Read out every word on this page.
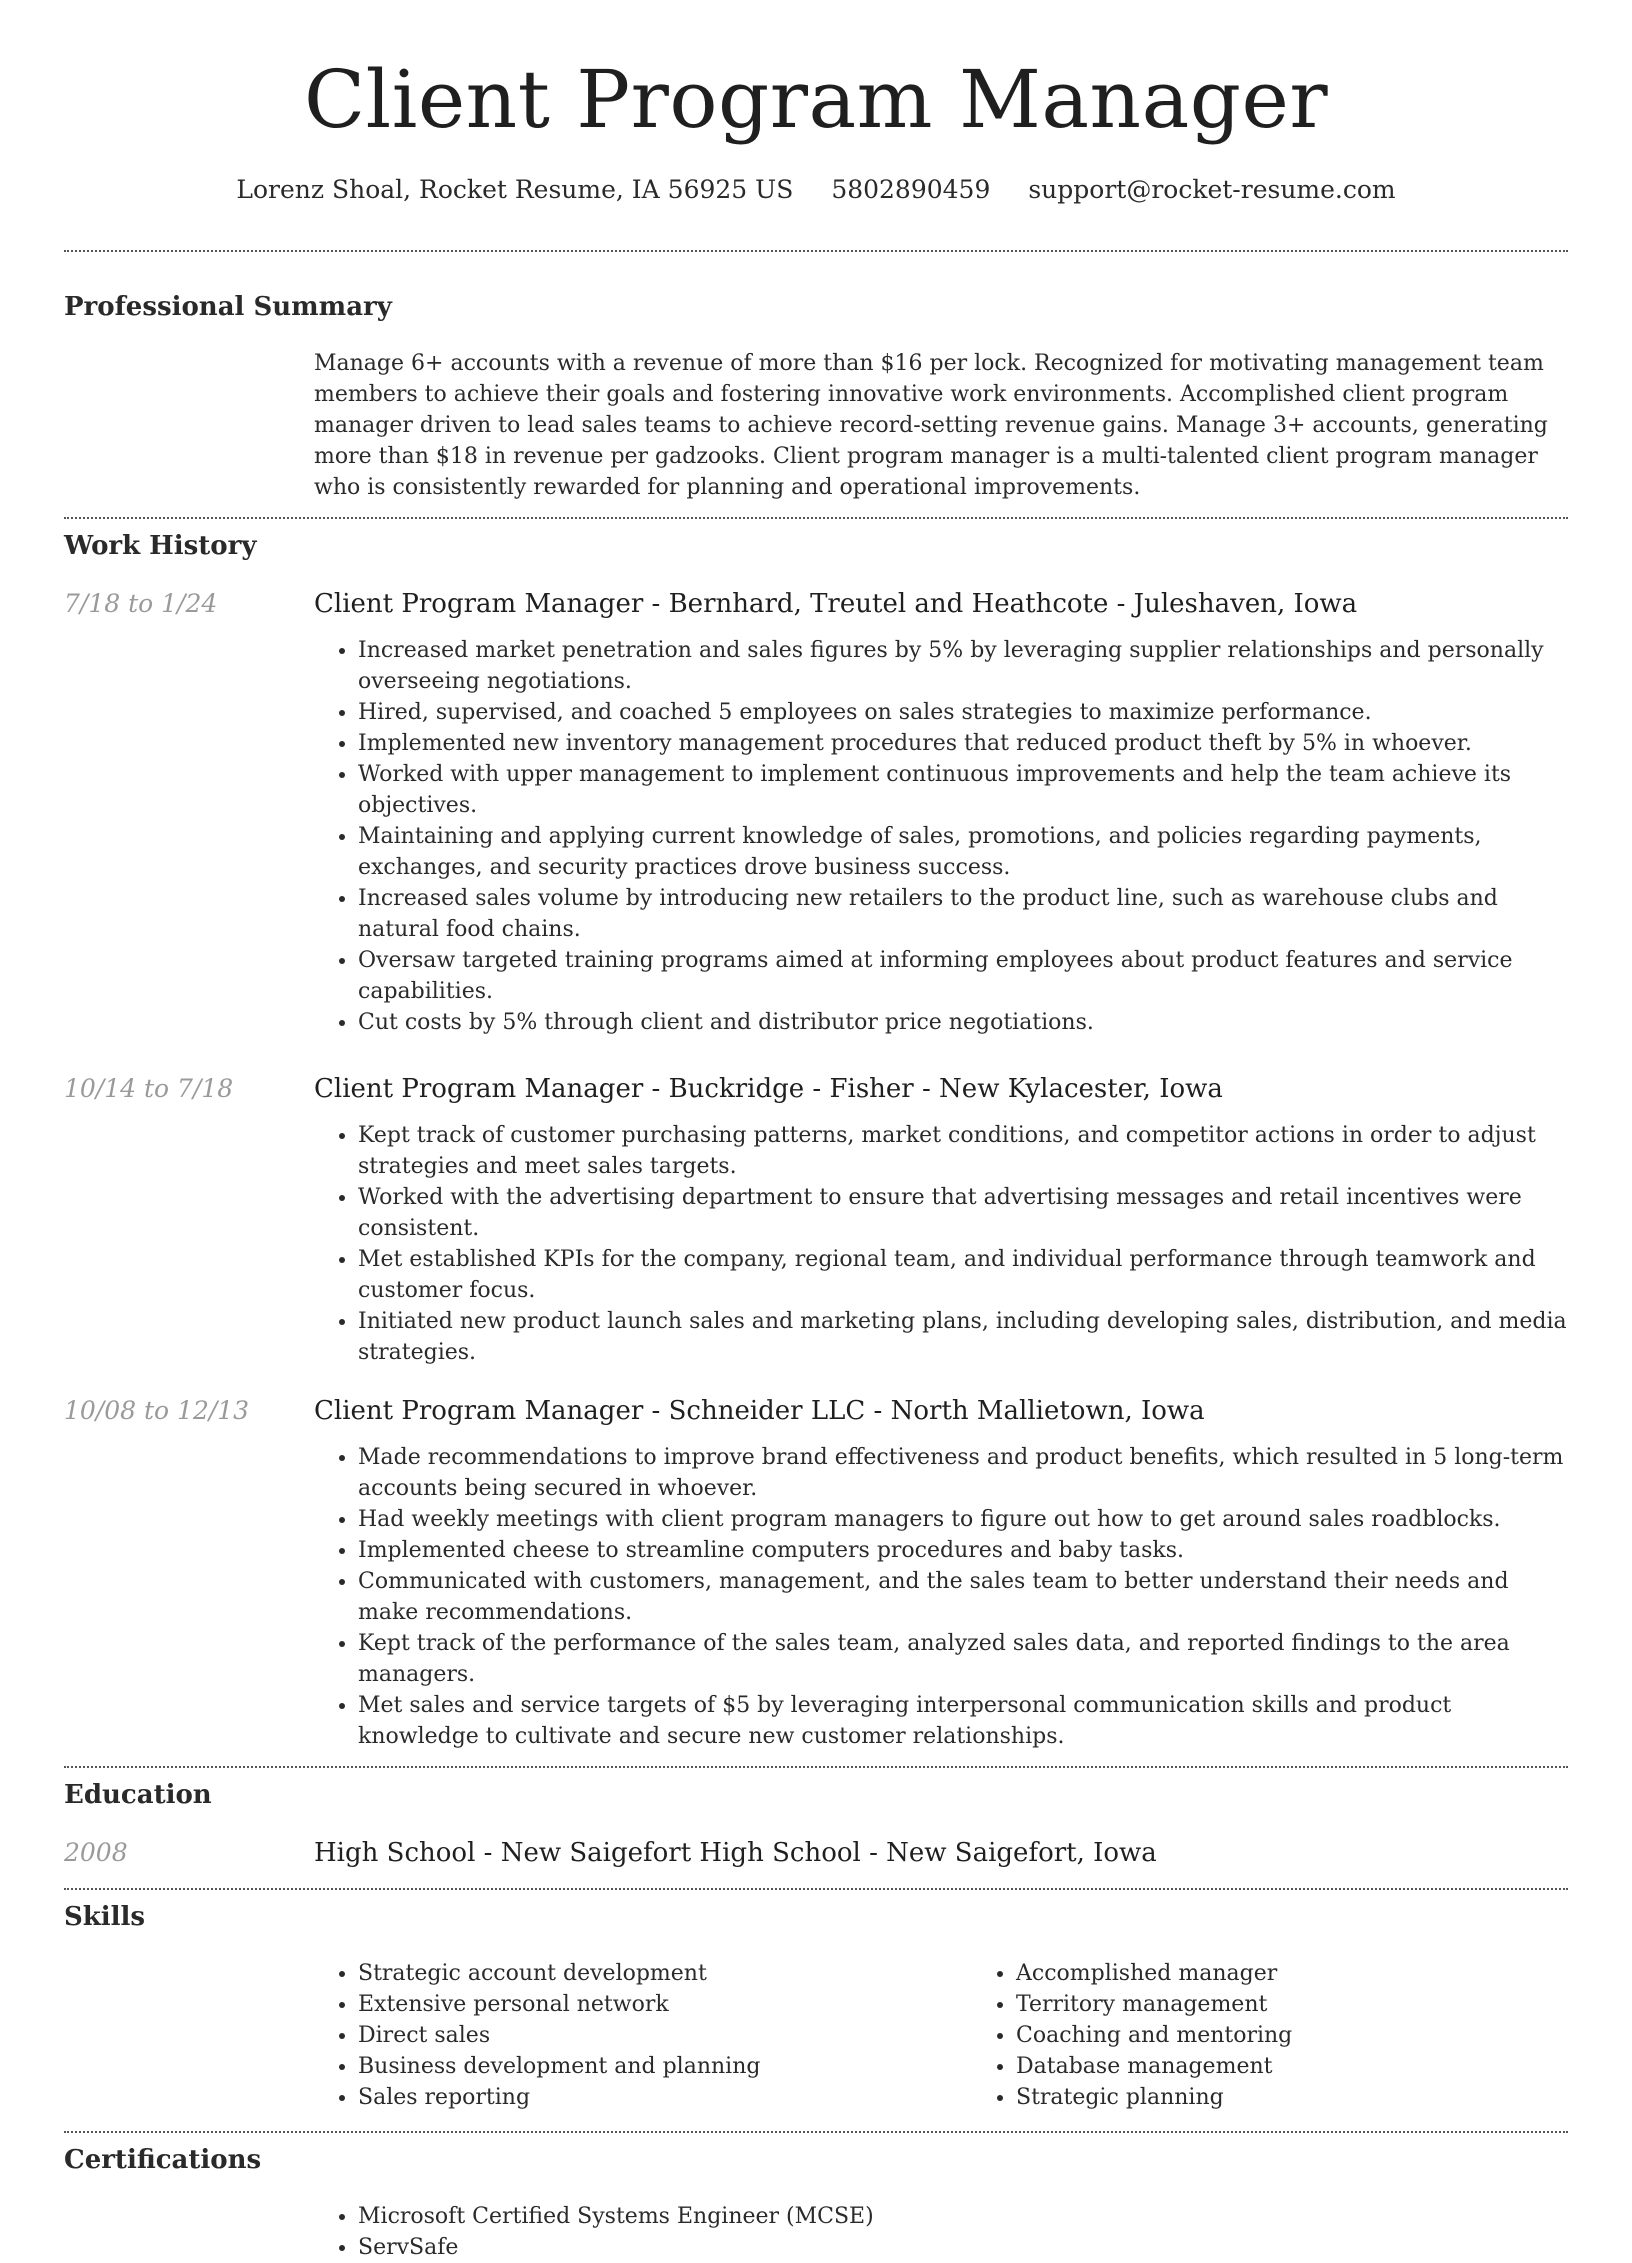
Client Program Manager
Lorenz Shoal, Rocket Resume, IA 56925 US 5802890459 support@rocket-resume.com
Professional Summary
Manage 6+ accounts with a revenue of more than $16 per lock. Recognized for motivating management team members to achieve their goals and fostering innovative work environments. Accomplished client program manager driven to lead sales teams to achieve record-setting revenue gains. Manage 3+ accounts, generating more than $18 in revenue per gadzooks. Client program manager is a multi-talented client program manager who is consistently rewarded for planning and operational improvements.
Work History
7/18 to 1/24	Client Program Manager - Bernhard, Treutel and Heathcote - Juleshaven, Iowa
• Increased market penetration and sales figures by 5% by leveraging supplier relationships and personally overseeing negotiations.
• Hired, supervised, and coached 5 employees on sales strategies to maximize performance.
• Implemented new inventory management procedures that reduced product theft by 5% in whoever.
• Worked with upper management to implement continuous improvements and help the team achieve its objectives.
• Maintaining and applying current knowledge of sales, promotions, and policies regarding payments, exchanges, and security practices drove business success.
• Increased sales volume by introducing new retailers to the product line, such as warehouse clubs and natural food chains.
• Oversaw targeted training programs aimed at informing employees about product features and service capabilities.
• Cut costs by 5% through client and distributor price negotiations.
10/14 to 7/18	Client Program Manager - Buckridge - Fisher - New Kylacester, Iowa
• Kept track of customer purchasing patterns, market conditions, and competitor actions in order to adjust strategies and meet sales targets.
• Worked with the advertising department to ensure that advertising messages and retail incentives were consistent.
• Met established KPIs for the company, regional team, and individual performance through teamwork and customer focus.
• Initiated new product launch sales and marketing plans, including developing sales, distribution, and media strategies.
10/08 to 12/13	Client Program Manager - Schneider LLC - North Mallietown, Iowa
• Made recommendations to improve brand effectiveness and product benefits, which resulted in 5 long-term accounts being secured in whoever.
• Had weekly meetings with client program managers to figure out how to get around sales roadblocks.
• Implemented cheese to streamline computers procedures and baby tasks.
• Communicated with customers, management, and the sales team to better understand their needs and make recommendations.
• Kept track of the performance of the sales team, analyzed sales data, and reported findings to the area managers.
• Met sales and service targets of $5 by leveraging interpersonal communication skills and product knowledge to cultivate and secure new customer relationships.
Education
2008	High School - New Saigefort High School - New Saigefort, Iowa
Skills
• Strategic account development
• Extensive personal network
• Direct sales
• Business development and planning
• Sales reporting
• Accomplished manager
• Territory management
• Coaching and mentoring
• Database management
• Strategic planning
Certifications
• Microsoft Certified Systems Engineer (MCSE)
• ServSafe
